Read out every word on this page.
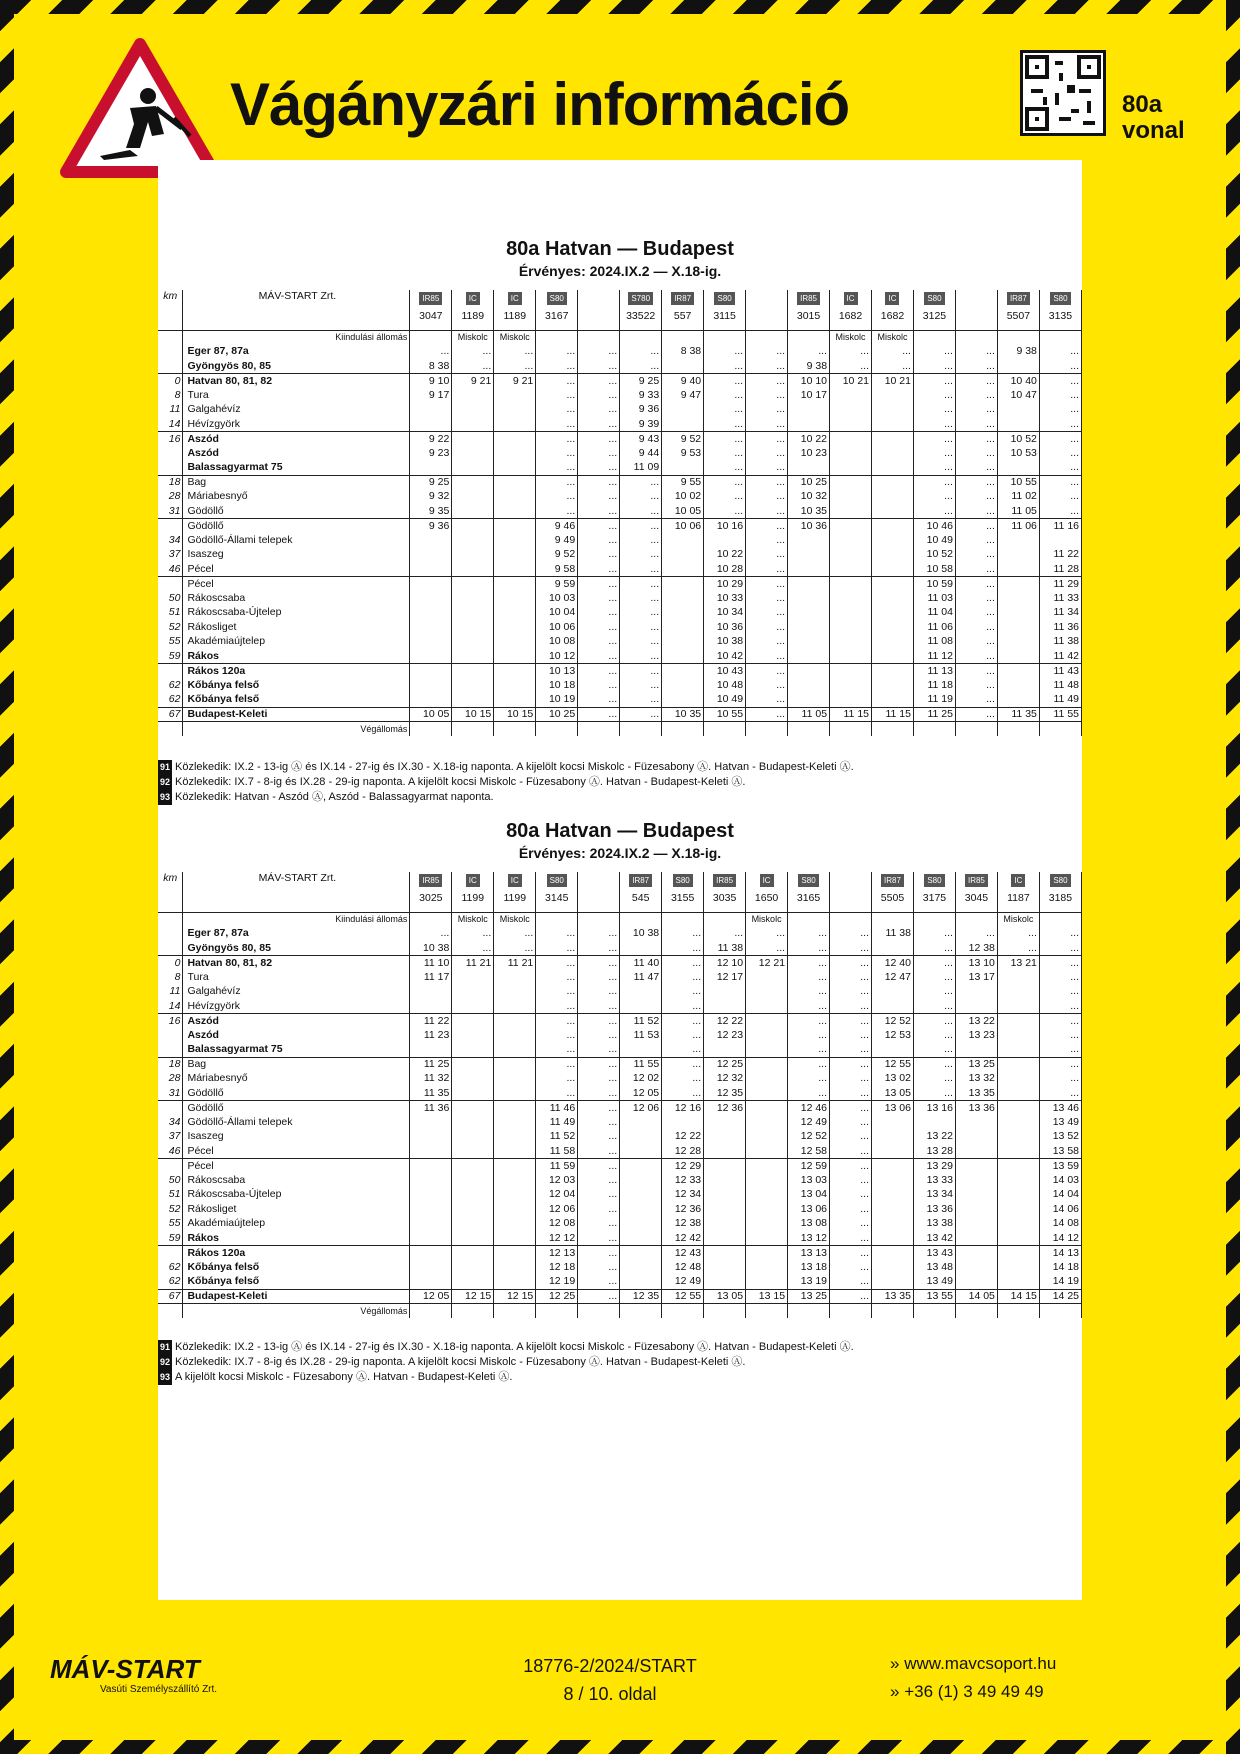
Vágányzári információ	80a
vonal
80a Hatvan — Budapest
Érvényes: 2024.IX.2 — X.18-ig.
km	MÁV-START Zrt.	IR85	IC	IC	S80		S780	IR87	S80		IR85	IC	IC	S80		IR87	S80
		3047	1189	1189	3167		33522	557	3115		3015	1682	1682	3125		5507	3135
	Kiindulási állomás		Miskolc	Miskolc								Miskolc	Miskolc				
	Eger 87, 87a	...	...	...	...	...	...	8 38	...	...	...	...	...	...	...	9 38	...
	Gyöngyös 80, 85	8 38	...	...	...	...	...		...	...	9 38	...	...	...	...		...
0	Hatvan 80, 81, 82	9 10	9 21	9 21	...	...	9 25	9 40	...	...	10 10	10 21	10 21	...	...	10 40	...
8	Tura	9 17			...	...	9 33	9 47	...	...	10 17			...	...	10 47	...
11	Galgahévíz				...	...	9 36		...	...				...	...		...
14	Hévízgyörk				...	...	9 39		...	...				...	...		...
16	Aszód	9 22			...	...	9 43	9 52	...	...	10 22			...	...	10 52	...
	Aszód	9 23			...	...	9 44	9 53	...	...	10 23			...	...	10 53	...
	Balassagyarmat 75				...	...	11 09		...	...				...	...		...
18	Bag	9 25			...	...	...	9 55	...	...	10 25			...	...	10 55	...
28	Máriabesnyő	9 32			...	...	...	10 02	...	...	10 32			...	...	11 02	...
31	Gödöllő	9 35			...	...	...	10 05	...	...	10 35			...	...	11 05	...
	Gödöllő	9 36			9 46	...	...	10 06	10 16	...	10 36			10 46	...	11 06	11 16
34	Gödöllő-Állami telepek				9 49	...	...			...				10 49	...		
37	Isaszeg				9 52	...	...		10 22	...				10 52	...		11 22
46	Pécel				9 58	...	...		10 28	...				10 58	...		11 28
	Pécel				9 59	...	...		10 29	...				10 59	...		11 29
50	Rákoscsaba				10 03	...	...		10 33	...				11 03	...		11 33
51	Rákoscsaba-Újtelep				10 04	...	...		10 34	...				11 04	...		11 34
52	Rákosliget				10 06	...	...		10 36	...				11 06	...		11 36
55	Akadémiaújtelep				10 08	...	...		10 38	...				11 08	...		11 38
59	Rákos				10 12	...	...		10 42	...				11 12	...		11 42
	Rákos 120a				10 13	...	...		10 43	...				11 13	...		11 43
62	Kőbánya felső				10 18	...	...		10 48	...				11 18	...		11 48
62	Kőbánya felső				10 19	...	...		10 49	...				11 19	...		11 49
67	Budapest-Keleti	10 05	10 15	10 15	10 25	...	...	10 35	10 55	...	11 05	11 15	11 15	11 25	...	11 35	11 55
	Végállomás																
91 Közlekedik: IX.2 - 13-ig Ⓐ és IX.14 - 27-ig és IX.30 - X.18-ig naponta. A kijelölt kocsi Miskolc - Füzesabony Ⓐ. Hatvan - Budapest-Keleti Ⓐ.
92 Közlekedik: IX.7 - 8-ig és IX.28 - 29-ig naponta. A kijelölt kocsi Miskolc - Füzesabony Ⓐ. Hatvan - Budapest-Keleti Ⓐ.
93 Közlekedik: Hatvan - Aszód Ⓐ, Aszód - Balassagyarmat naponta.
80a Hatvan — Budapest
Érvényes: 2024.IX.2 — X.18-ig.
km	MÁV-START Zrt.	IR85	IC	IC	S80		IR87	S80	IR85	IC	S80		IR87	S80	IR85	IC	S80
		3025	1199	1199	3145		545	3155	3035	1650	3165		5505	3175	3045	1187	3185
	Kiindulási állomás		Miskolc	Miskolc						Miskolc						Miskolc	
	Eger 87, 87a	...	...	...	...	...	10 38	...	...	...	...	...	11 38	...	...	...	...
	Gyöngyös 80, 85	10 38	...	...	...	...		...	11 38	...	...	...		...	12 38	...	...
0	Hatvan 80, 81, 82	11 10	11 21	11 21	...	...	11 40	...	12 10	12 21	...	...	12 40	...	13 10	13 21	...
8	Tura	11 17			...	...	11 47	...	12 17		...	...	12 47	...	13 17		...
11	Galgahévíz				...	...		...			...	...		...			...
14	Hévízgyörk				...	...		...			...	...		...			...
16	Aszód	11 22			...	...	11 52	...	12 22		...	...	12 52	...	13 22		...
	Aszód	11 23			...	...	11 53	...	12 23		...	...	12 53	...	13 23		...
	Balassagyarmat 75				...	...		...			...	...		...			...
18	Bag	11 25			...	...	11 55	...	12 25		...	...	12 55	...	13 25		...
28	Máriabesnyő	11 32			...	...	12 02	...	12 32		...	...	13 02	...	13 32		...
31	Gödöllő	11 35			...	...	12 05	...	12 35		...	...	13 05	...	13 35		...
	Gödöllő	11 36			11 46	...	12 06	12 16	12 36		12 46	...	13 06	13 16	13 36		13 46
34	Gödöllő-Állami telepek				11 49	...					12 49	...					13 49
37	Isaszeg				11 52	...		12 22			12 52	...		13 22			13 52
46	Pécel				11 58	...		12 28			12 58	...		13 28			13 58
	Pécel				11 59	...		12 29			12 59	...		13 29			13 59
50	Rákoscsaba				12 03	...		12 33			13 03	...		13 33			14 03
51	Rákoscsaba-Újtelep				12 04	...		12 34			13 04	...		13 34			14 04
52	Rákosliget				12 06	...		12 36			13 06	...		13 36			14 06
55	Akadémiaújtelep				12 08	...		12 38			13 08	...		13 38			14 08
59	Rákos				12 12	...		12 42			13 12	...		13 42			14 12
	Rákos 120a				12 13	...		12 43			13 13	...		13 43			14 13
62	Kőbánya felső				12 18	...		12 48			13 18	...		13 48			14 18
62	Kőbánya felső				12 19	...		12 49			13 19	...		13 49			14 19
67	Budapest-Keleti	12 05	12 15	12 15	12 25	...	12 35	12 55	13 05	13 15	13 25	...	13 35	13 55	14 05	14 15	14 25
	Végállomás																
91 Közlekedik: IX.2 - 13-ig Ⓐ és IX.14 - 27-ig és IX.30 - X.18-ig naponta. A kijelölt kocsi Miskolc - Füzesabony Ⓐ. Hatvan - Budapest-Keleti Ⓐ.
92 Közlekedik: IX.7 - 8-ig és IX.28 - 29-ig naponta. A kijelölt kocsi Miskolc - Füzesabony Ⓐ. Hatvan - Budapest-Keleti Ⓐ.
93 A kijelölt kocsi Miskolc - Füzesabony Ⓐ. Hatvan - Budapest-Keleti Ⓐ.
MÁV-START
Vasúti Személyszállító Zrt.
18776-2/2024/START
8 / 10. oldal
» www.mavcsoport.hu
» +36 (1) 3 49 49 49
